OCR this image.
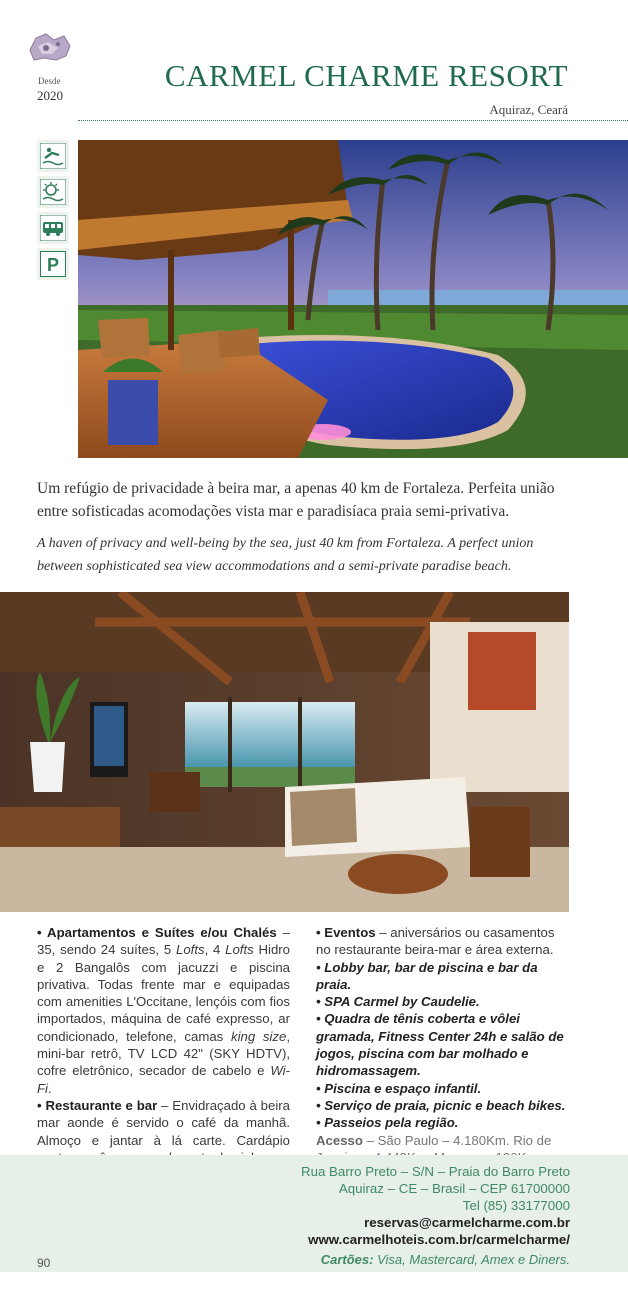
Desde
2020
CARMEL CHARME RESORT
Aquiraz, Ceará
P
Um refúgio de privacidade à beira mar, a apenas 40 km de Fortaleza. Perfeita união
entre sofisticadas acomodações vista mar e paradisíaca praia semi-privativa.
A haven of privacy and well-being by the sea, just 40 km from Fortaleza. A perfect union
between sophisticated sea view accommodations and a semi-private paradise beach.

• Apartamentos e Suítes e/ou Chalés – 35, sendo 24 suítes, 5 Lofts, 4 Lofts Hidro e 2 Bangalôs com jacuzzi e piscina privativa. Todas frente mar e equipadas com amenities L'Occitane, lençóis com fios importados, máquina de café expresso, ar condicionado, telefone, camas king size, mini-bar retrô, TV LCD 42" (SKY HDTV), cofre eletrônico, secador de cabelo e Wi-Fi.

• Restaurante e bar – Envidraçado à beira mar aonde é servido o café da manhã. Almoço e jantar à lá carte. Cardápio

• Eventos – aniversários ou casamentos no restaurante beira-mar e área externa.

• Lobby bar, bar de piscina e bar da praia.

• SPA Carmel by Caudelie.

• Quadra de tênis coberta e vôlei gramada, Fitness Center 24h e salão de jogos, piscina com bar molhado e hidromassagem.

• Piscina e espaço infantil.

• Serviço de praia, picnic e beach bikes.

• Passeios pela região.

Acesso – São Paulo – 4.180Km. Rio de

Rua Barro Preto – S/N – Praia do Barro Preto
Aquiraz – CE – Brasil – CEP 61700000
Tel (85) 33177000
reservas@carmelcharme.com.br
www.carmelhoteis.com.br/carmelcharme/
Cartões: Visa, Mastercard, Amex e Diners.
90
